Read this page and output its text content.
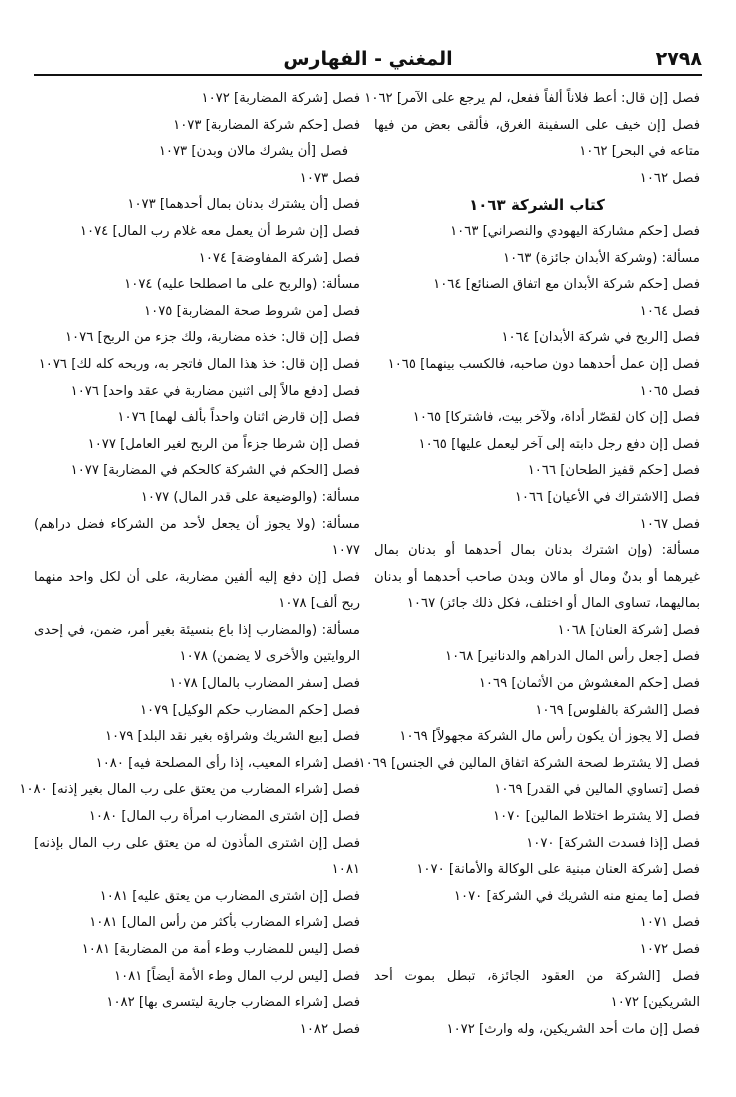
المغني - الفهارس	٢٧٩٨
فصل [إن قال: أعط فلاناً ألفاً ففعل، لم يرجع على الآمر] ١٠٦٢
فصل [إن خيف على السفينة الغرق، فألقى بعض من فيها متاعه في البحر] ١٠٦٢
فصل ١٠٦٢
كتاب الشركة ١٠٦٣
فصل [حكم مشاركة اليهودي والنصراني] ١٠٦٣
مسألة: (وشركة الأبدان جائزة) ١٠٦٣
فصل [حكم شركة الأبدان مع اتفاق الصنائع] ١٠٦٤
فصل ١٠٦٤
فصل [الربح في شركة الأبدان] ١٠٦٤
فصل [إن عمل أحدهما دون صاحبه، فالكسب بينهما] ١٠٦٥
فصل ١٠٦٥
فصل [إن كان لقصّار أداة، ولآخر بيت، فاشتركا] ١٠٦٥
فصل [إن دفع رجل دابته إلى آخر ليعمل عليها] ١٠٦٥
فصل [حكم قفيز الطحان] ١٠٦٦
فصل [الاشتراك في الأعيان] ١٠٦٦
فصل ١٠٦٧
مسألة: (وإن اشترك بدنان بمال أحدهما أو بدنان بمال غيرهما أو بدنٌ ومال أو مالان وبدن صاحب أحدهما أو بدنان بماليهما، تساوى المال أو اختلف، فكل ذلك جائز) ١٠٦٧
فصل [شركة العنان] ١٠٦٨
فصل [جعل رأس المال الدراهم والدنانير] ١٠٦٨
فصل [حكم المغشوش من الأثمان] ١٠٦٩
فصل [الشركة بالفلوس] ١٠٦٩
فصل [لا يجوز أن يكون رأس مال الشركة مجهولاً] ١٠٦٩
فصل [لا يشترط لصحة الشركة اتفاق المالين في الجنس] ١٠٦٩
فصل [تساوي المالين في القدر] ١٠٦٩
فصل [لا يشترط اختلاط المالين] ١٠٧٠
فصل [إذا فسدت الشركة] ١٠٧٠
فصل [شركة العنان مبنية على الوكالة والأمانة] ١٠٧٠
فصل [ما يمنع منه الشريك في الشركة] ١٠٧٠
فصل ١٠٧١
فصل ١٠٧٢
فصل [الشركة من العقود الجائزة، تبطل بموت أحد الشريكين] ١٠٧٢
فصل [إن مات أحد الشريكين، وله وارث] ١٠٧٢
فصل [شركة المضاربة] ١٠٧٢
فصل [حكم شركة المضاربة] ١٠٧٣
فصل [أن يشرك مالان وبدن] ١٠٧٣
فصل ١٠٧٣
فصل [أن يشترك بدنان بمال أحدهما] ١٠٧٣
فصل [إن شرط أن يعمل معه غلام رب المال] ١٠٧٤
فصل [شركة المفاوضة] ١٠٧٤
مسألة: (والربح على ما اصطلحا عليه) ١٠٧٤
فصل [من شروط صحة المضاربة] ١٠٧٥
فصل [إن قال: خذه مضاربة، ولك جزء من الربح] ١٠٧٦
فصل [إن قال: خذ هذا المال فاتجر به، وربحه كله لك] ١٠٧٦
فصل [دفع مالاً إلى اثنين مضاربة في عقد واحد] ١٠٧٦
فصل [إن قارض اثنان واحداً بألف لهما] ١٠٧٦
فصل [إن شرطا جزءاً من الربح لغير العامل] ١٠٧٧
فصل [الحكم في الشركة كالحكم في المضاربة] ١٠٧٧
مسألة: (والوضيعة على قدر المال) ١٠٧٧
مسألة: (ولا يجوز أن يجعل لأحد من الشركاء فضل دراهم) ١٠٧٧
فصل [إن دفع إليه ألفين مضاربة، على أن لكل واحد منهما ربح ألف] ١٠٧٨
مسألة: (والمضارب إذا باع بنسيئة بغير أمر، ضمن، في إحدى الروايتين والأخرى لا يضمن) ١٠٧٨
فصل [سفر المضارب بالمال] ١٠٧٨
فصل [حكم المضارب حكم الوكيل] ١٠٧٩
فصل [بيع الشريك وشراؤه بغير نقد البلد] ١٠٧٩
فصل [شراء المعيب، إذا رأى المصلحة فيه] ١٠٨٠
فصل [شراء المضارب من يعتق على رب المال بغير إذنه] ١٠٨٠
فصل [إن اشترى المضارب امرأة رب المال] ١٠٨٠
فصل [إن اشترى المأذون له من يعتق على رب المال بإذنه] ١٠٨١
فصل [إن اشترى المضارب من يعتق عليه] ١٠٨١
فصل [شراء المضارب بأكثر من رأس المال] ١٠٨١
فصل [ليس للمضارب وطء أمة من المضاربة] ١٠٨١
فصل [ليس لرب المال وطء الأمة أيضاً] ١٠٨١
فصل [شراء المضارب جارية ليتسرى بها] ١٠٨٢
فصل ١٠٨٢
